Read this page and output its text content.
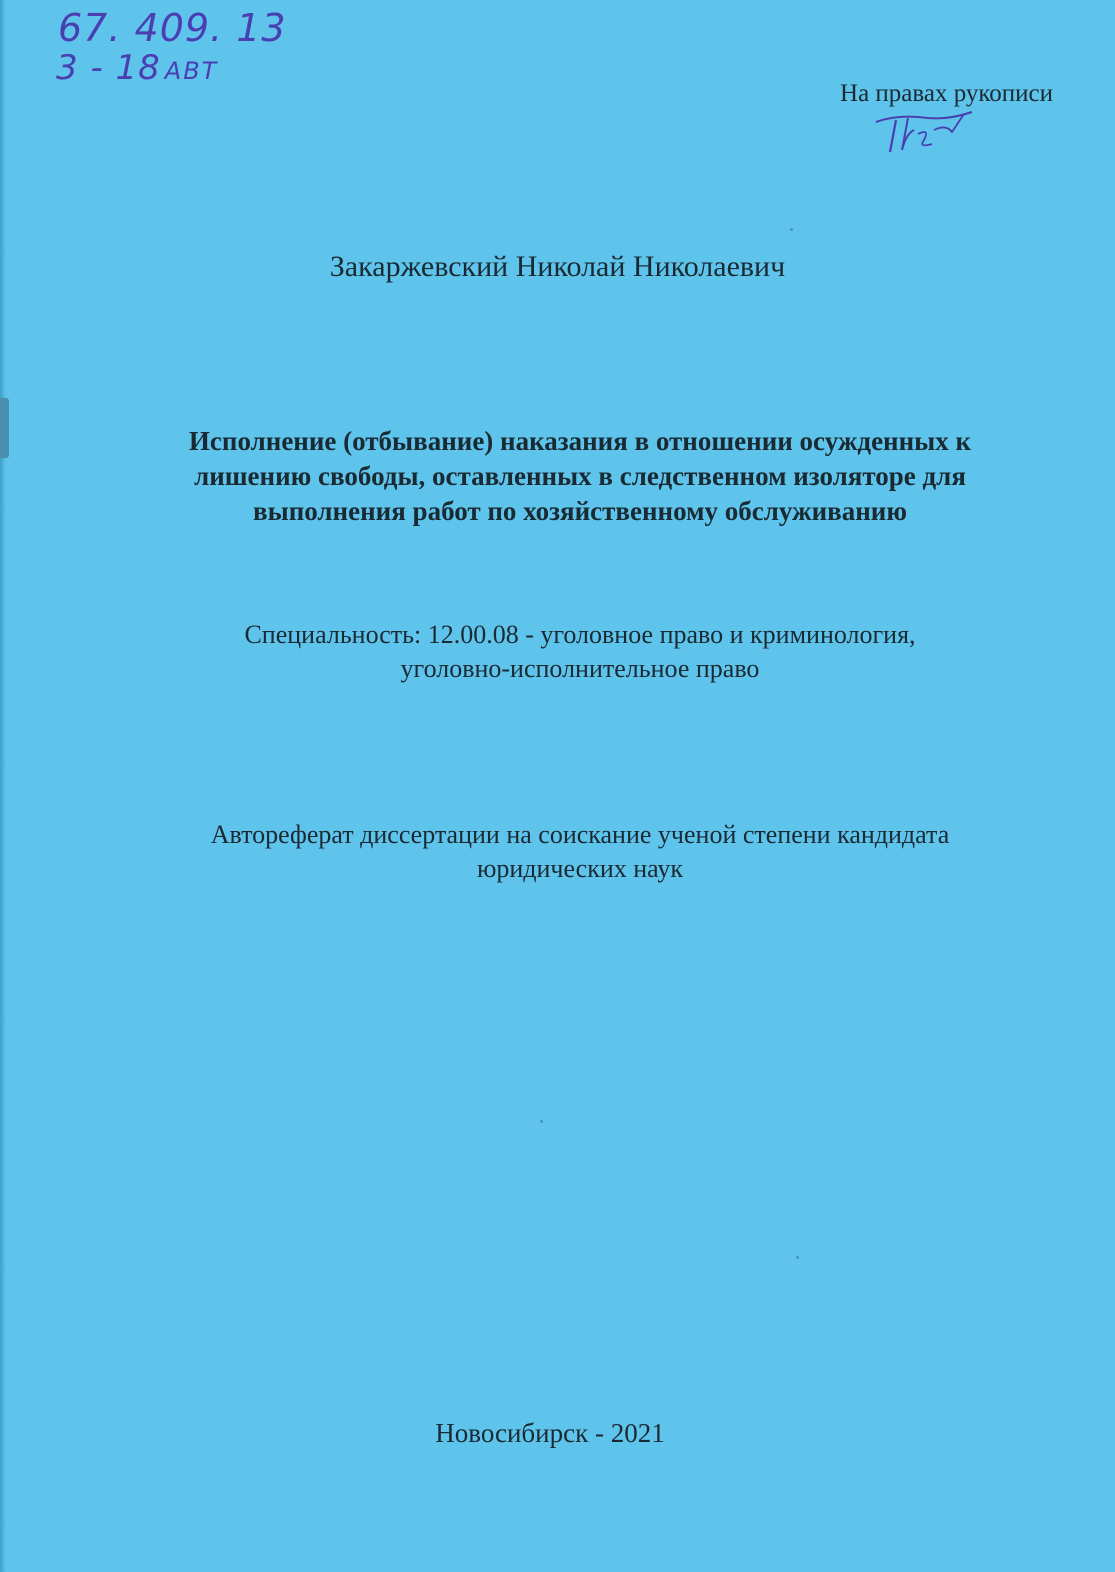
67. 409. 13
3 - 18 АВТ
На правах рукописи
Закаржевский Николай Николаевич
Исполнение (отбывание) наказания в отношении осужденных к
лишению свободы, оставленных в следственном изоляторе для
выполнения работ по хозяйственному обслуживанию
Специальность: 12.00.08 - уголовное право и криминология,
уголовно-исполнительное право
Автореферат диссертации на соискание ученой степени кандидата
юридических наук
Новосибирск - 2021
